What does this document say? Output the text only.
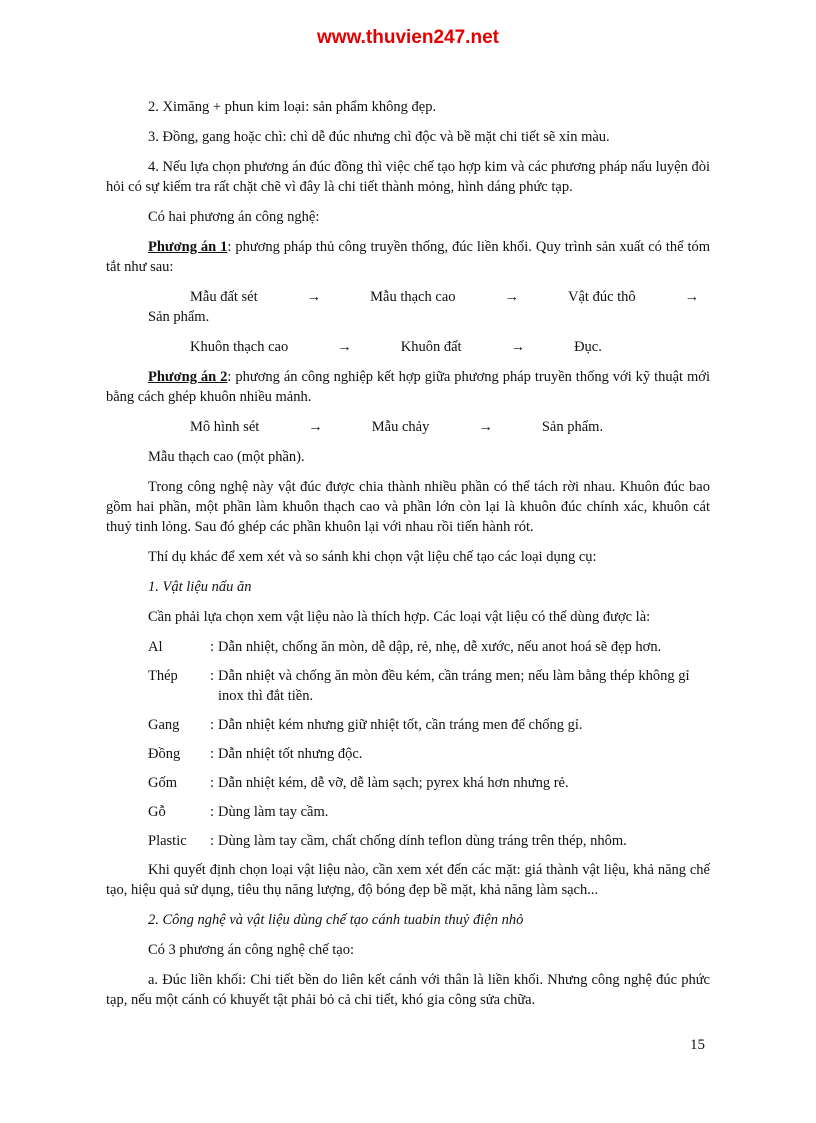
www.thuvien247.net

2. Ximăng + phun kim loại: sản phẩm không đẹp.

3. Đồng, gang hoặc chì: chì dễ đúc nhưng chì độc và bề mặt chi tiết sẽ xỉn màu.

4. Nếu lựa chọn phương án đúc đồng thì việc chế tạo hợp kim và các phương pháp nấu luyện đòi hỏi có sự kiểm tra rất chặt chẽ vì đây là chi tiết thành mỏng, hình dáng phức tạp.

Có hai phương án công nghệ:

Phương án 1: phương pháp thủ công truyền thống, đúc liền khối. Quy trình sản xuất có thể tóm tắt như sau:

Mẫu đất sét	→	Mẫu thạch cao	→	Vật đúc thô	→Sản phẩm.

Khuôn thạch cao	→	Khuôn đất	→	Đục.

Phương án 2: phương án công nghiệp kết hợp giữa phương pháp truyền thống với kỹ thuật mới bằng cách ghép khuôn nhiều mảnh.

Mô hình sét	→	Mẫu chảy	→	Sản phẩm.

Mẫu thạch cao (một phần).

Trong công nghệ này vật đúc được chia thành nhiều phần có thể tách rời nhau. Khuôn đúc bao gồm hai phần, một phần làm khuôn thạch cao và phần lớn còn lại là khuôn đúc chính xác, khuôn cát thuỷ tinh lỏng. Sau đó ghép các phần khuôn lại với nhau rồi tiến hành rót.

Thí dụ khác để xem xét và so sánh khi chọn vật liệu chế tạo các loại dụng cụ:

1. Vật liệu nấu ăn

Cần phải lựa chọn xem vật liệu nào là thích hợp. Các loại vật liệu có thể dùng được là:

Al	: Dẫn nhiệt, chống ăn mòn, dễ dập, rẻ, nhẹ, dễ xước, nếu anot hoá sẽ đẹp hơn.
Thép	: Dẫn nhiệt và chống ăn mòn đều kém, cần tráng men; nếu làm bằng thép không gỉ inox thì đắt tiền.
Gang	: Dẫn nhiệt kém nhưng giữ nhiệt tốt, cần tráng men để chống gỉ.
Đồng	: Dẫn nhiệt tốt nhưng độc.
Gốm	: Dẫn nhiệt kém, dễ vỡ, dễ làm sạch; pyrex khá hơn nhưng rẻ.
Gỗ	: Dùng làm tay cầm.
Plastic	: Dùng làm tay cầm, chất chống dính teflon dùng tráng trên thép, nhôm.

Khi quyết định chọn loại vật liệu nào, cần xem xét đến các mặt: giá thành vật liệu, khả năng chế tạo, hiệu quả sử dụng, tiêu thụ năng lượng, độ bóng đẹp bề mặt, khả năng làm sạch...

2. Công nghệ và vật liệu dùng chế tạo cánh tuabin thuỷ điện nhỏ

Có 3 phương án công nghệ chế tạo:

a. Đúc liền khối: Chi tiết bền do liên kết cánh với thân là liền khối. Nhưng công nghệ đúc phức tạp, nếu một cánh có khuyết tật phải bỏ cả chi tiết, khó gia công sửa chữa.

15
